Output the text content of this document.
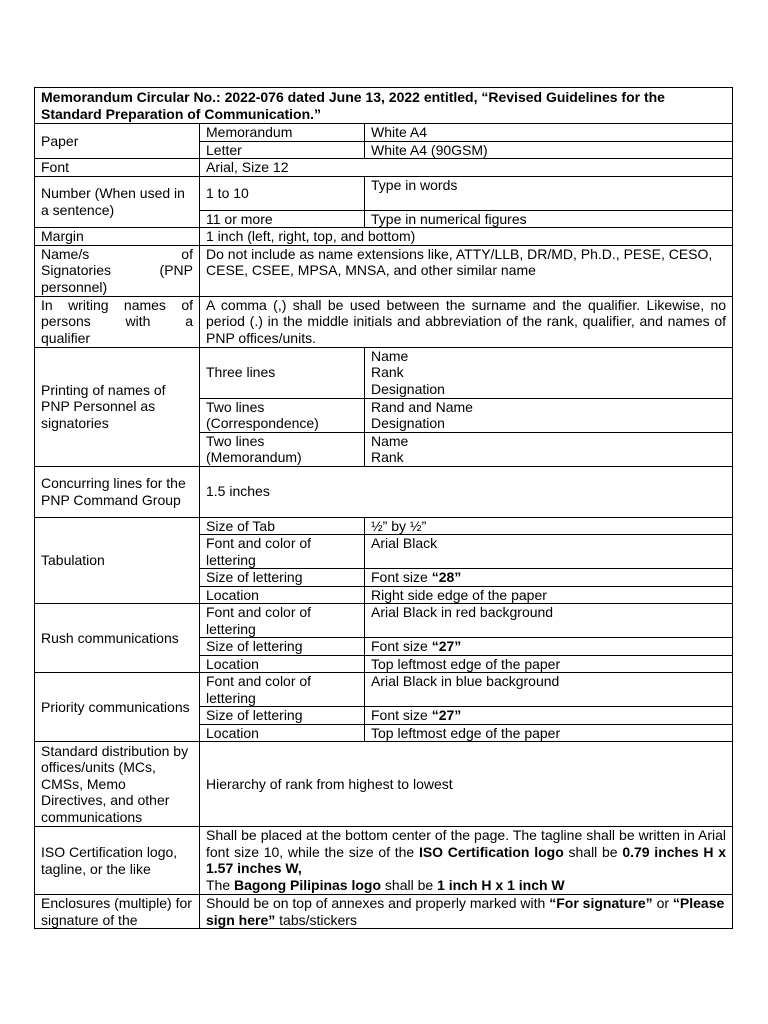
Memorandum Circular No.: 2022-076 dated June 13, 2022 entitled, “Revised Guidelines for the Standard Preparation of Communication.”		
Paper	Memorandum	White A4
	Letter	White A4 (90GSM)
Font	Arial, Size 12	
Number (When used in a sentence)	1 to 10	Type in words
	11 or more	Type in numerical figures
Margin	1 inch (left, right, top, and bottom)	

Name/s of
Signatories (PNP
personnel)	Do not include as name extensions like, ATTY/LLB, DR/MD, Ph.D., PESE, CESO, CESE, CSEE, MPSA, MNSA, and other similar name	

In writing names of
persons with a
qualifier	A comma (,) shall be used between the surname and the qualifier. Likewise, no period (.) in the middle initials and abbreviation of the rank, qualifier, and names of PNP offices/units.	
Printing of names of PNP Personnel as signatories	Three lines	Name
Rank
Designation

	Two lines
(Correspondence)	Rand and Name
Designation

	Two lines
(Memorandum)	Name
Rank

Concurring lines for the PNP Command Group	1.5 inches	
Tabulation	Size of Tab	½” by ½”
	Font and color of lettering	Arial Black
	Size of lettering	Font size “28”
	Location	Right side edge of the paper
Rush communications	Font and color of lettering	Arial Black in red background
	Size of lettering	Font size “27”
	Location	Top leftmost edge of the paper
Priority communications	Font and color of lettering	Arial Black in blue background
	Size of lettering	Font size “27”
	Location	Top leftmost edge of the paper
Standard distribution by offices/units (MCs, CMSs, Memo Directives, and other communications	Hierarchy of rank from highest to lowest	
ISO Certification logo, tagline, or the like	Shall be placed at the bottom center of the page. The tagline shall be written in Arial font size 10, while the size of the ISO Certification logo shall be 0.79 inches H x 1.57 inches W,
The Bagong Pilipinas logo shall be 1 inch H x 1 inch W	

Enclosures (multiple) for signature of the	Should be on top of annexes and properly marked with “For signature” or “Please sign here” tabs/stickers	
